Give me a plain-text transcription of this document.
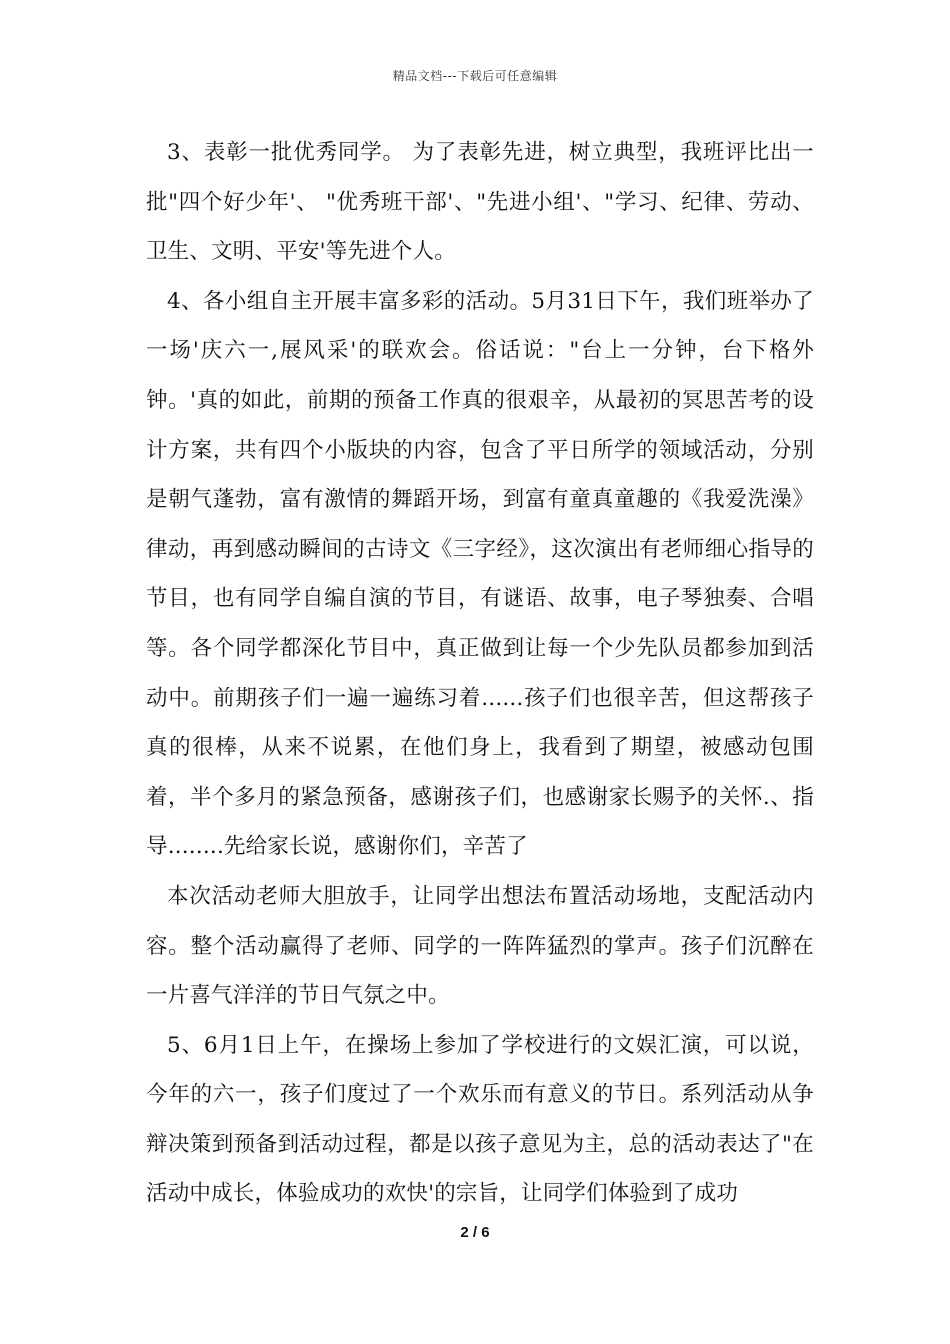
精品文档---下载后可任意编辑

3、表彰一批优秀同学。 为了表彰先进，树立典型，我班评比出一批"四个好少年'、 "优秀班干部'、"先进小组'、"学习、纪律、劳动、卫生、文明、平安'等先进个人。

4、各小组自主开展丰富多彩的活动。5月31日下午，我们班举办了一场'庆六一,展风采'的联欢会。俗话说："台上一分钟，台下格外钟。'真的如此，前期的预备工作真的很艰辛，从最初的冥思苦考的设计方案，共有四个小版块的内容，包含了平日所学的领域活动，分别是朝气蓬勃，富有激情的舞蹈开场，到富有童真童趣的《我爱洗澡》律动，再到感动瞬间的古诗文《三字经》，这次演出有老师细心指导的节目，也有同学自编自演的节目，有谜语、故事，电子琴独奏、合唱等。各个同学都深化节目中，真正做到让每一个少先队员都参加到活动中。前期孩子们一遍一遍练习着......孩子们也很辛苦，但这帮孩子真的很棒，从来不说累，在他们身上，我看到了期望，被感动包围着，半个多月的紧急预备，感谢孩子们，也感谢家长赐予的关怀.、指导........先给家长说，感谢你们，辛苦了

本次活动老师大胆放手，让同学出想法布置活动场地，支配活动内容。整个活动赢得了老师、同学的一阵阵猛烈的掌声。孩子们沉醉在一片喜气洋洋的节日气氛之中。

5、6月1日上午，在操场上参加了学校进行的文娱汇演，可以说，今年的六一，孩子们度过了一个欢乐而有意义的节日。系列活动从争辩决策到预备到活动过程，都是以孩子意见为主，总的活动表达了"在活动中成长，体验成功的欢快'的宗旨，让同学们体验到了成功

2 / 6
